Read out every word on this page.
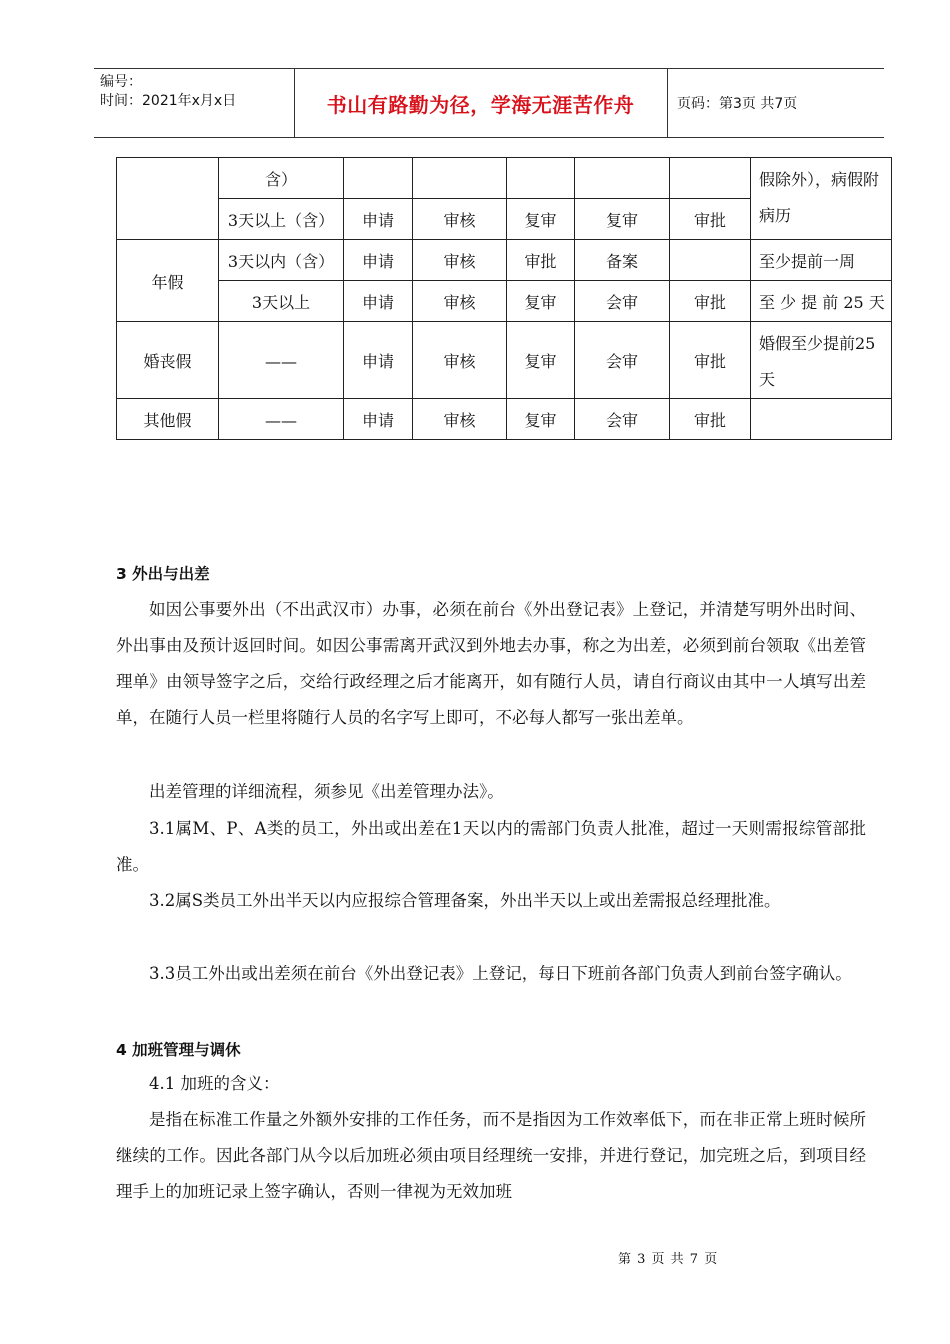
编号：
时间：2021年x月x日	书山有路勤为径，学海无涯苦作舟	页码：第3页 共7页
	含）						假除外），病假附病历
	3天以上（含）	申请	审核	复审	复审	审批	
年假	3天以内（含）	申请	审核	审批	备案		至少提前一周
	3天以上	申请	审核	复审	会审	审批	至 少 提 前 25 天
婚丧假	——	申请	审核	复审	会审	审批	婚假至少提前25天
其他假	——	申请	审核	复审	会审	审批	
3 外出与出差

如因公事要外出（不出武汉市）办事，必须在前台《外出登记表》上登记，并清楚写明外出时间、外出事由及预计返回时间。如因公事需离开武汉到外地去办事，称之为出差，必须到前台领取《出差管理单》由领导签字之后，交给行政经理之后才能离开，如有随行人员，请自行商议由其中一人填写出差单，在随行人员一栏里将随行人员的名字写上即可，不必每人都写一张出差单。

出差管理的详细流程，须参见《出差管理办法》。

3.1属M、P、A类的员工，外出或出差在1天以内的需部门负责人批准，超过一天则需报综管部批准。

3.2属S类员工外出半天以内应报综合管理备案，外出半天以上或出差需报总经理批准。

3.3员工外出或出差须在前台《外出登记表》上登记，每日下班前各部门负责人到前台签字确认。

4 加班管理与调休

4.1 加班的含义：

是指在标准工作量之外额外安排的工作任务，而不是指因为工作效率低下，而在非正常上班时候所继续的工作。因此各部门从今以后加班必须由项目经理统一安排，并进行登记，加完班之后，到项目经理手上的加班记录上签字确认，否则一律视为无效加班

第 3 页 共 7 页
